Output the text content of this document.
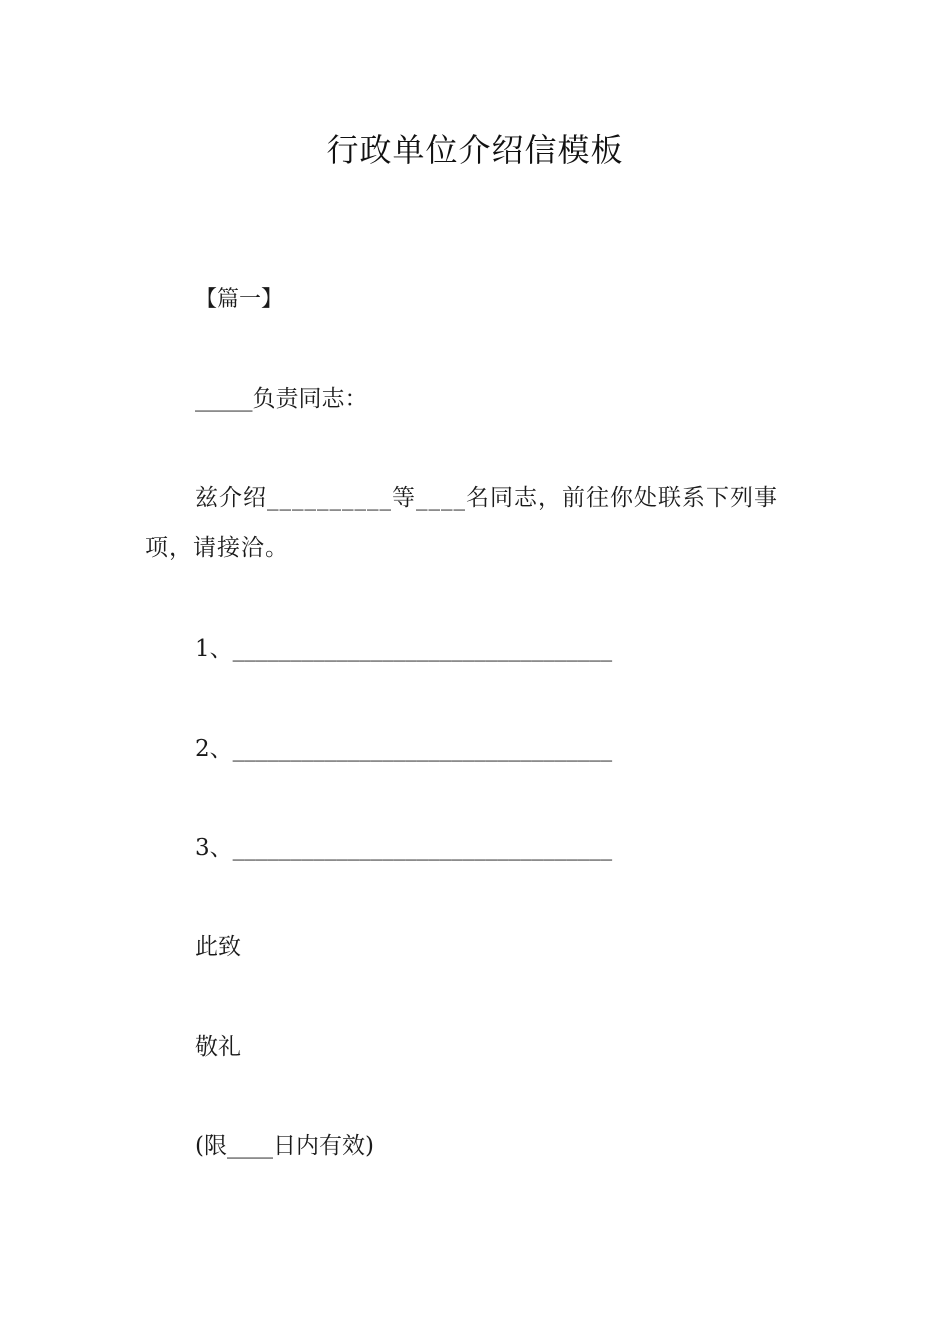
行政单位介绍信模板
【篇一】
_____负责同志：
兹介绍__________等____名同志，前往你处联系下列事项，请接洽。
1、_________________________________
2、_________________________________
3、_________________________________
此致
敬礼
(限____日内有效)
